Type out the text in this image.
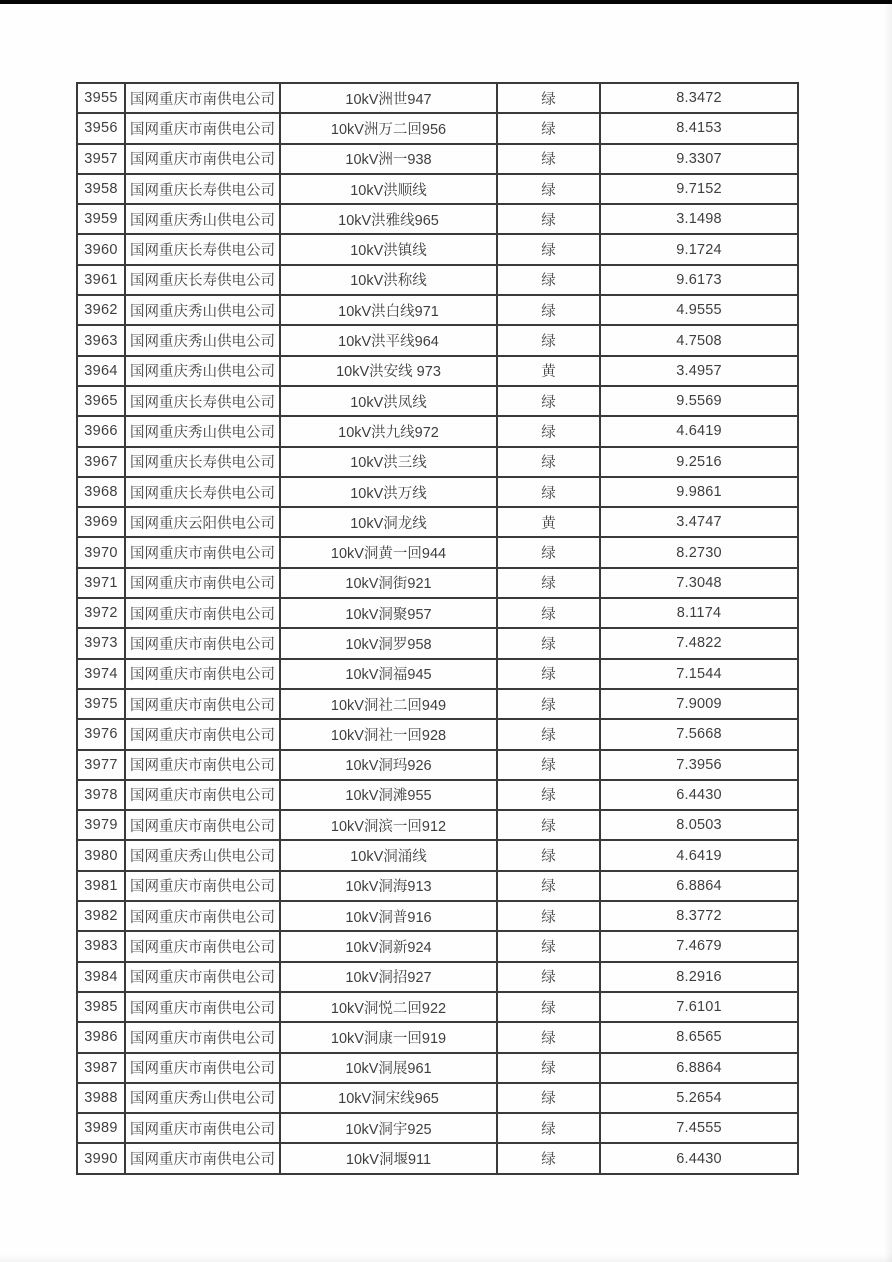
3955	国网重庆市南供电公司	10kV洲世947	绿	8.3472
3956	国网重庆市南供电公司	10kV洲万二回956	绿	8.4153
3957	国网重庆市南供电公司	10kV洲一938	绿	9.3307
3958	国网重庆长寿供电公司	10kV洪顺线	绿	9.7152
3959	国网重庆秀山供电公司	10kV洪雅线965	绿	3.1498
3960	国网重庆长寿供电公司	10kV洪镇线	绿	9.1724
3961	国网重庆长寿供电公司	10kV洪称线	绿	9.6173
3962	国网重庆秀山供电公司	10kV洪白线971	绿	4.9555
3963	国网重庆秀山供电公司	10kV洪平线964	绿	4.7508
3964	国网重庆秀山供电公司	10kV洪安线 973	黄	3.4957
3965	国网重庆长寿供电公司	10kV洪凤线	绿	9.5569
3966	国网重庆秀山供电公司	10kV洪九线972	绿	4.6419
3967	国网重庆长寿供电公司	10kV洪三线	绿	9.2516
3968	国网重庆长寿供电公司	10kV洪万线	绿	9.9861
3969	国网重庆云阳供电公司	10kV洞龙线	黄	3.4747
3970	国网重庆市南供电公司	10kV洞黄一回944	绿	8.2730
3971	国网重庆市南供电公司	10kV洞街921	绿	7.3048
3972	国网重庆市南供电公司	10kV洞聚957	绿	8.1174
3973	国网重庆市南供电公司	10kV洞罗958	绿	7.4822
3974	国网重庆市南供电公司	10kV洞福945	绿	7.1544
3975	国网重庆市南供电公司	10kV洞社二回949	绿	7.9009
3976	国网重庆市南供电公司	10kV洞社一回928	绿	7.5668
3977	国网重庆市南供电公司	10kV洞玛926	绿	7.3956
3978	国网重庆市南供电公司	10kV洞滩955	绿	6.4430
3979	国网重庆市南供电公司	10kV洞滨一回912	绿	8.0503
3980	国网重庆秀山供电公司	10kV洞涌线	绿	4.6419
3981	国网重庆市南供电公司	10kV洞海913	绿	6.8864
3982	国网重庆市南供电公司	10kV洞普916	绿	8.3772
3983	国网重庆市南供电公司	10kV洞新924	绿	7.4679
3984	国网重庆市南供电公司	10kV洞招927	绿	8.2916
3985	国网重庆市南供电公司	10kV洞悦二回922	绿	7.6101
3986	国网重庆市南供电公司	10kV洞康一回919	绿	8.6565
3987	国网重庆市南供电公司	10kV洞展961	绿	6.8864
3988	国网重庆秀山供电公司	10kV洞宋线965	绿	5.2654
3989	国网重庆市南供电公司	10kV洞宇925	绿	7.4555
3990	国网重庆市南供电公司	10kV洞堰911	绿	6.4430
